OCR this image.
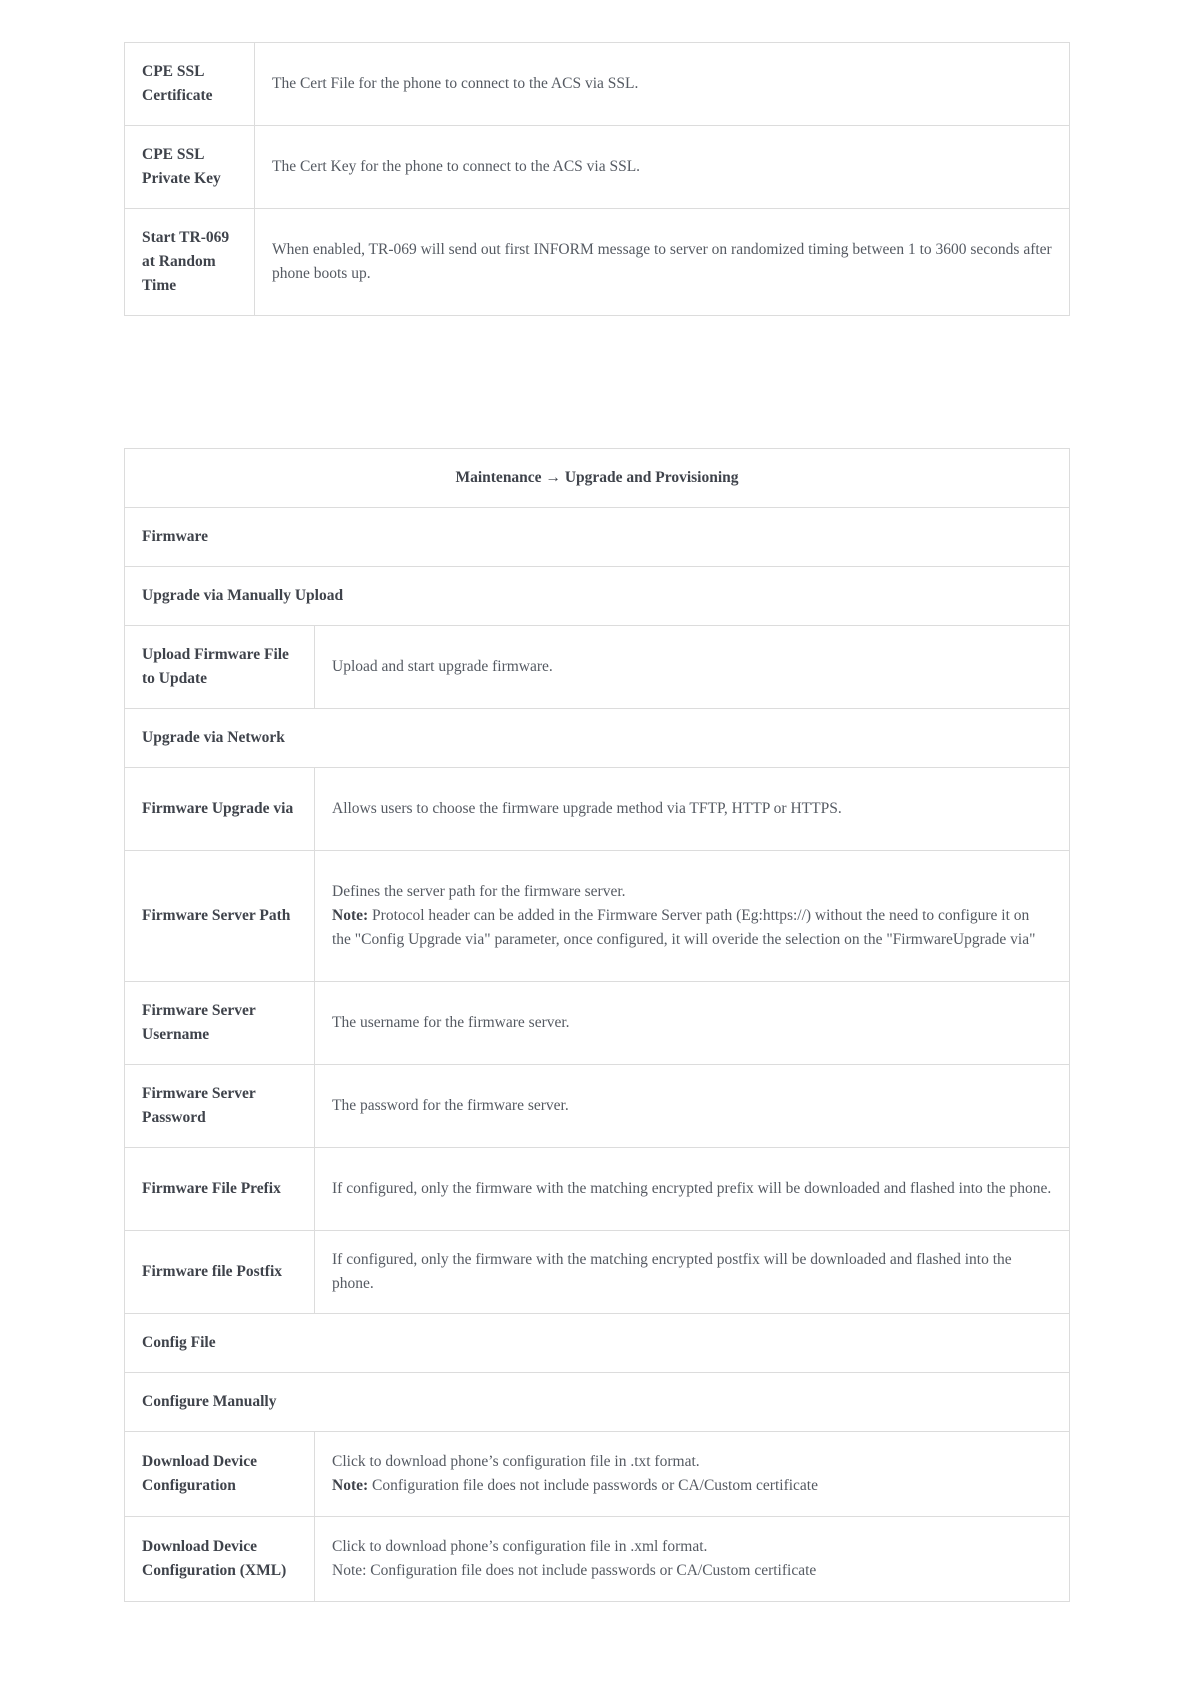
CPE SSL Certificate	The Cert File for the phone to connect to the ACS via SSL.
CPE SSL Private Key	The Cert Key for the phone to connect to the ACS via SSL.
Start TR-069 at Random Time	When enabled, TR-069 will send out first INFORM message to server on randomized timing between 1 to 3600 seconds after phone boots up.
Maintenance → Upgrade and Provisioning	
Firmware	
Upgrade via Manually Upload	
Upload Firmware File to Update	Upload and start upgrade firmware.
Upgrade via Network	
Firmware Upgrade via	Allows users to choose the firmware upgrade method via TFTP, HTTP or HTTPS.
Firmware Server Path	Defines the server path for the firmware server.
Note: Protocol header can be added in the Firmware Server path (Eg:https://) without the need to configure it on the "Config Upgrade via" parameter, once configured, it will overide the selection on the "FirmwareUpgrade via"
Firmware Server Username	The username for the firmware server.
Firmware Server Password	The password for the firmware server.
Firmware File Prefix	If configured, only the firmware with the matching encrypted prefix will be downloaded and flashed into the phone.
Firmware file Postfix	If configured, only the firmware with the matching encrypted postfix will be downloaded and flashed into the phone.
Config File	
Configure Manually	
Download Device Configuration	Click to download phone’s configuration file in .txt format.
Note: Configuration file does not include passwords or CA/Custom certificate
Download Device Configuration (XML)	Click to download phone’s configuration file in .xml format.
Note: Configuration file does not include passwords or CA/Custom certificate
